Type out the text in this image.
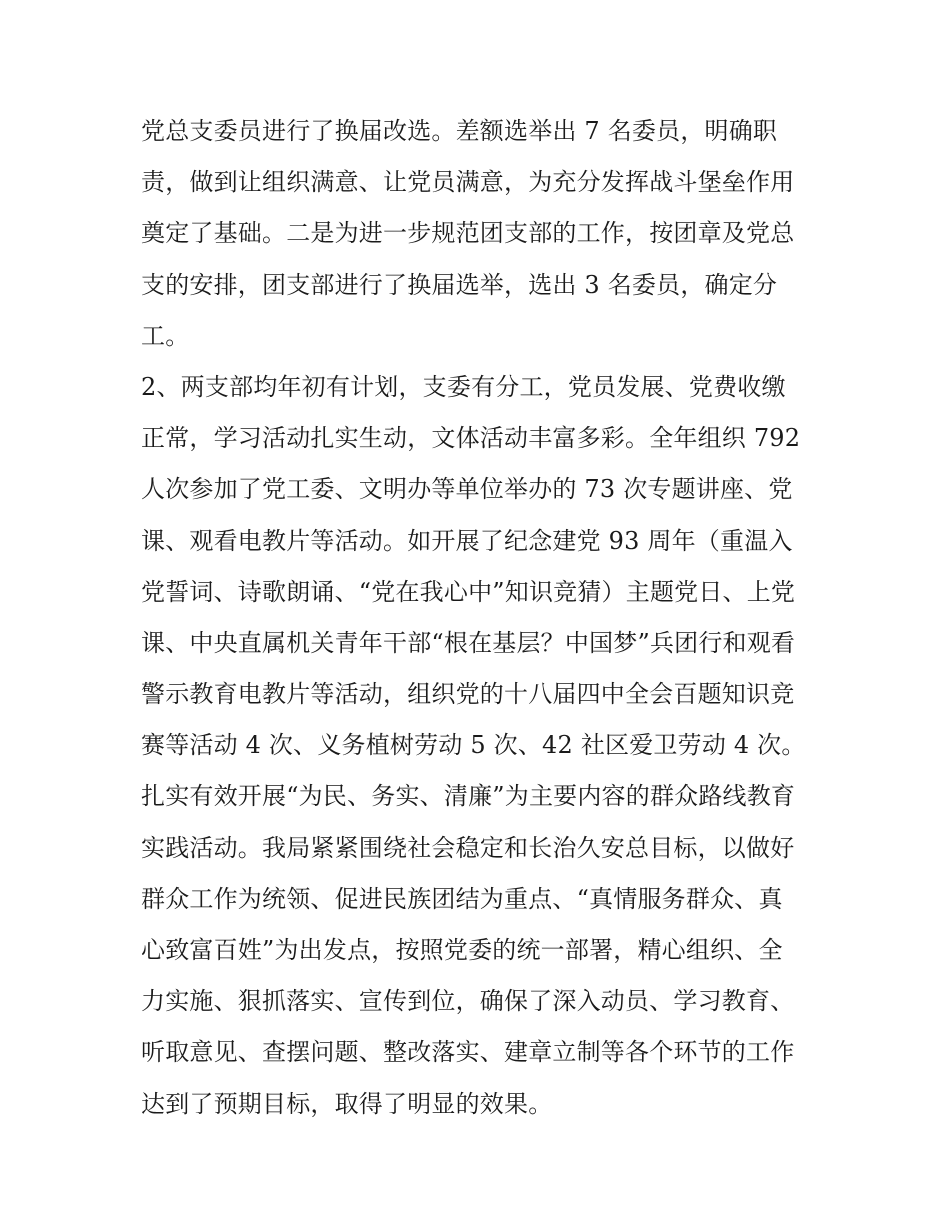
党总支委员进行了换届改选。差额选举出 7 名委员，明确职
责，做到让组织满意、让党员满意，为充分发挥战斗堡垒作用
奠定了基础。二是为进一步规范团支部的工作，按团章及党总
支的安排，团支部进行了换届选举，选出 3 名委员，确定分
工。
2、两支部均年初有计划，支委有分工，党员发展、党费收缴
正常，学习活动扎实生动，文体活动丰富多彩。全年组织 792
人次参加了党工委、文明办等单位举办的 73 次专题讲座、党
课、观看电教片等活动。如开展了纪念建党 93 周年（重温入
党誓词、诗歌朗诵、“党在我心中”知识竞猜）主题党日、上党
课、中央直属机关青年干部“根在基层？中国梦”兵团行和观看
警示教育电教片等活动，组织党的十八届四中全会百题知识竞
赛等活动 4 次、义务植树劳动 5 次、42 社区爱卫劳动 4 次。
扎实有效开展“为民、务实、清廉”为主要内容的群众路线教育
实践活动。我局紧紧围绕社会稳定和长治久安总目标，以做好
群众工作为统领、促进民族团结为重点、“真情服务群众、真
心致富百姓”为出发点，按照党委的统一部署，精心组织、全
力实施、狠抓落实、宣传到位，确保了深入动员、学习教育、
听取意见、查摆问题、整改落实、建章立制等各个环节的工作
达到了预期目标，取得了明显的效果。
